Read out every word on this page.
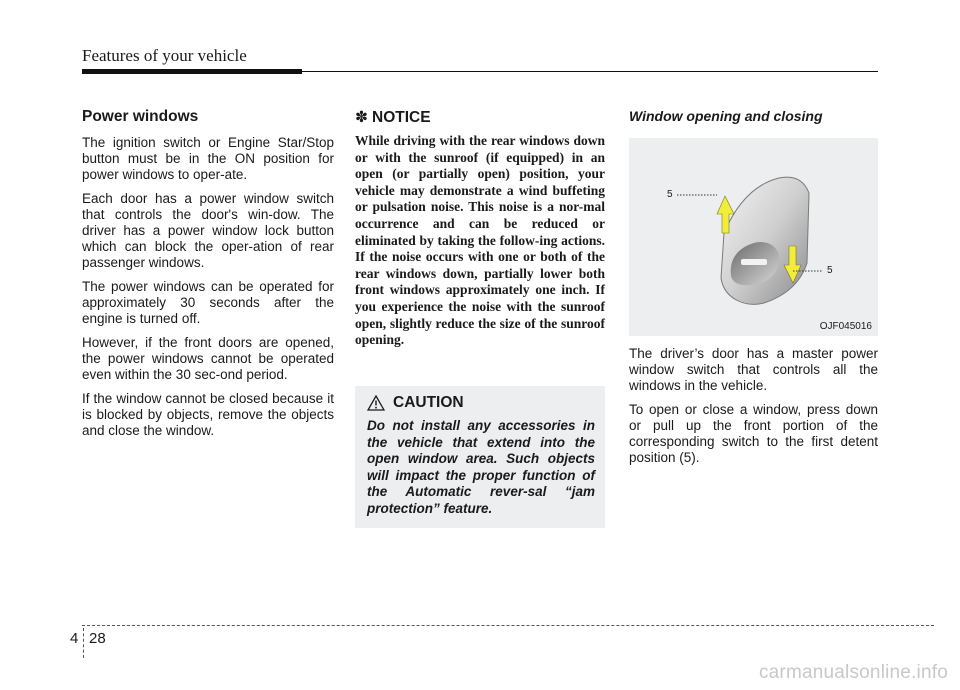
Features of your vehicle
Power windows

The ignition switch or Engine Star/Stop button must be in the ON position for power windows to oper-ate.

Each door has a power window switch that controls the door's win-dow. The driver has a power window lock button which can block the oper-ation of rear passenger windows.

The power windows can be operated for approximately 30 seconds after the engine is turned off.

However, if the front doors are opened, the power windows cannot be operated even within the 30 sec-ond period.

If the window cannot be closed because it is blocked by objects, remove the objects and close the window.

✽ NOTICE

While driving with the rear windows down or with the sunroof (if equipped) in an open (or partially open) position, your vehicle may demonstrate a wind buffeting or pulsation noise. This noise is a nor-mal occurrence and can be reduced or eliminated by taking the follow-ing actions. If the noise occurs with one or both of the rear windows down, partially lower both front windows approximately one inch. If you experience the noise with the sunroof open, slightly reduce the size of the sunroof opening.

CAUTION

Do not install any accessories in the vehicle that extend into the open window area. Such objects will impact the proper function of the Automatic rever-sal “jam protection” feature.

Window opening and closing
5
5
OJF045016

The driver’s door has a master power window switch that controls all the windows in the vehicle.

To open or close a window, press down or pull up the front portion of the corresponding switch to the first detent position (5).

4 28
carmanualsonline.info
